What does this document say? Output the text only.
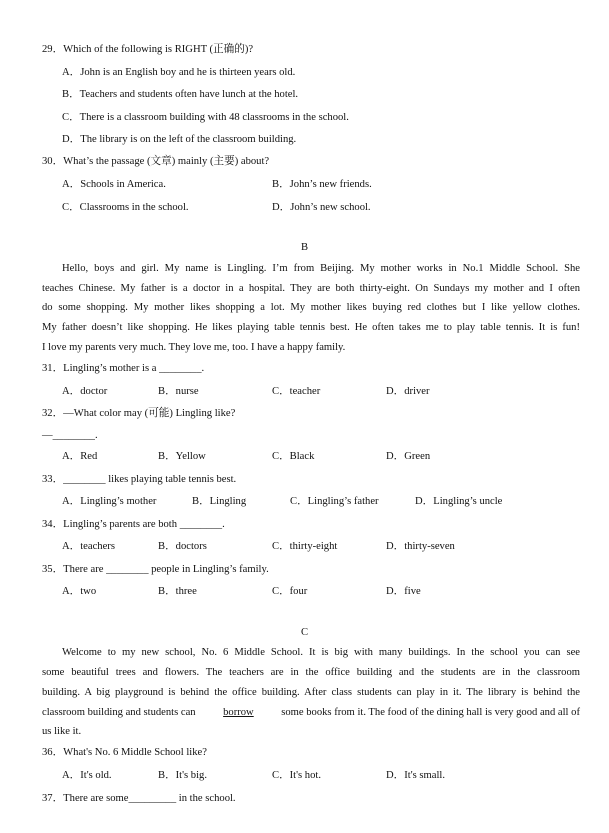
29．Which of the following is RIGHT (正确的)?
A．John is an English boy and he is thirteen years old.
B．Teachers and students often have lunch at the hotel.
C．There is a classroom building with 48 classrooms in the school.
D．The library is on the left of the classroom building.
30．What’s the passage (文章) mainly (主要) about?
A．Schools in America.	B．John’s new friends.
C．Classrooms in the school.	D．John’s new school.
B
Hello, boys and girl. My name is Lingling. I’m from Beijing. My mother works in No.1 Middle School. She
teaches Chinese. My father is a doctor in a hospital. They are both thirty-eight. On Sundays my mother and I often
do some shopping. My mother likes shopping a lot. My mother likes buying red clothes but I like yellow clothes.
My father doesn’t like shopping. He likes playing table tennis best. He often takes me to play table tennis. It is fun!
I love my parents very much. They love me, too. I have a happy family.
31．Lingling’s mother is a ________.
A．doctor	B．nurse	C．teacher	D．driver
32．—What color may (可能) Lingling like?
—________.
A．Red	B．Yellow	C．Black	D．Green
33．________ likes playing table tennis best.
A．Lingling’s mother	B．Lingling	C．Lingling’s father	D．Lingling’s uncle
34．Lingling’s parents are both ________.
A．teachers	B．doctors	C．thirty-eight	D．thirty-seven
35．There are ________ people in Lingling’s family.
A．two	B．three	C．four	D．five
C
Welcome to my new school, No. 6 Middle School. It is big with many buildings. In the school you can see
some beautiful trees and flowers. The teachers are in the office building and the students are in the classroom
building. A big playground is behind the office building. After class students can play in it. The library is behind the
classroom building and students can	borrow	some books from it. The food of the dining hall is very good and all of
us like it.
36．What's No. 6 Middle School like?
A．It's old.	B．It's big.	C．It's hot.	D．It's small.
37．There are some_________ in the school.
